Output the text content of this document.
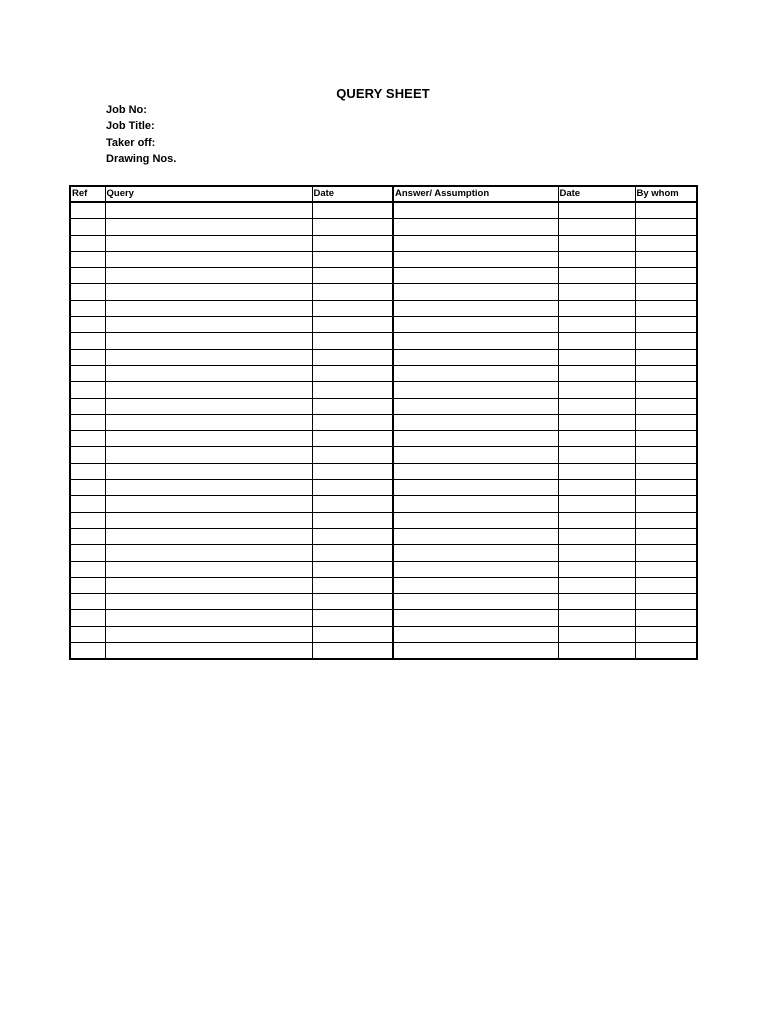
QUERY SHEET
Job No:
Job Title:
Taker off:
Drawing Nos.
Ref	Query	Date	Answer/ Assumption	Date	By whom
